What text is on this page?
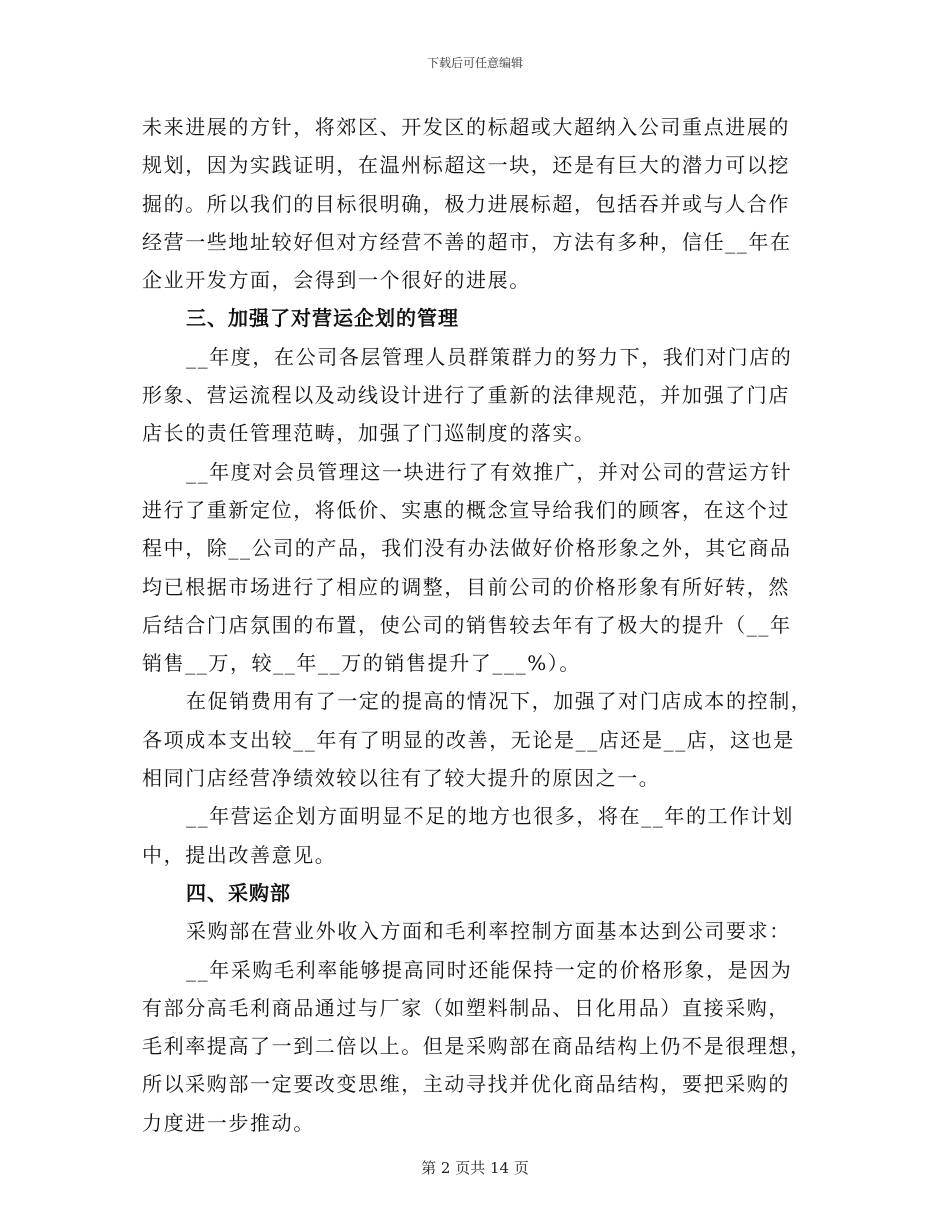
下载后可任意编辑
未来进展的方针，将郊区、开发区的标超或大超纳入公司重点进展的
规划，因为实践证明，在温州标超这一块，还是有巨大的潜力可以挖
掘的。所以我们的目标很明确，极力进展标超，包括吞并或与人合作
经营一些地址较好但对方经营不善的超市，方法有多种，信任__年在
企业开发方面，会得到一个很好的进展。
三、加强了对营运企划的管理
__年度，在公司各层管理人员群策群力的努力下，我们对门店的
形象、营运流程以及动线设计进行了重新的法律规范，并加强了门店
店长的责任管理范畴，加强了门巡制度的落实。
__年度对会员管理这一块进行了有效推广，并对公司的营运方针
进行了重新定位，将低价、实惠的概念宣导给我们的顾客，在这个过
程中，除__公司的产品，我们没有办法做好价格形象之外，其它商品
均已根据市场进行了相应的调整，目前公司的价格形象有所好转，然
后结合门店氛围的布置，使公司的销售较去年有了极大的提升（__年
销售__万，较__年__万的销售提升了___%）。
在促销费用有了一定的提高的情况下，加强了对门店成本的控制，
各项成本支出较__年有了明显的改善，无论是__店还是__店，这也是
相同门店经营净绩效较以往有了较大提升的原因之一。
__年营运企划方面明显不足的地方也很多，将在__年的工作计划
中，提出改善意见。
四、采购部
采购部在营业外收入方面和毛利率控制方面基本达到公司要求：
__年采购毛利率能够提高同时还能保持一定的价格形象，是因为
有部分高毛利商品通过与厂家（如塑料制品、日化用品）直接采购，
毛利率提高了一到二倍以上。但是采购部在商品结构上仍不是很理想，
所以采购部一定要改变思维，主动寻找并优化商品结构，要把采购的
力度进一步推动。
第 2 页共 14 页
